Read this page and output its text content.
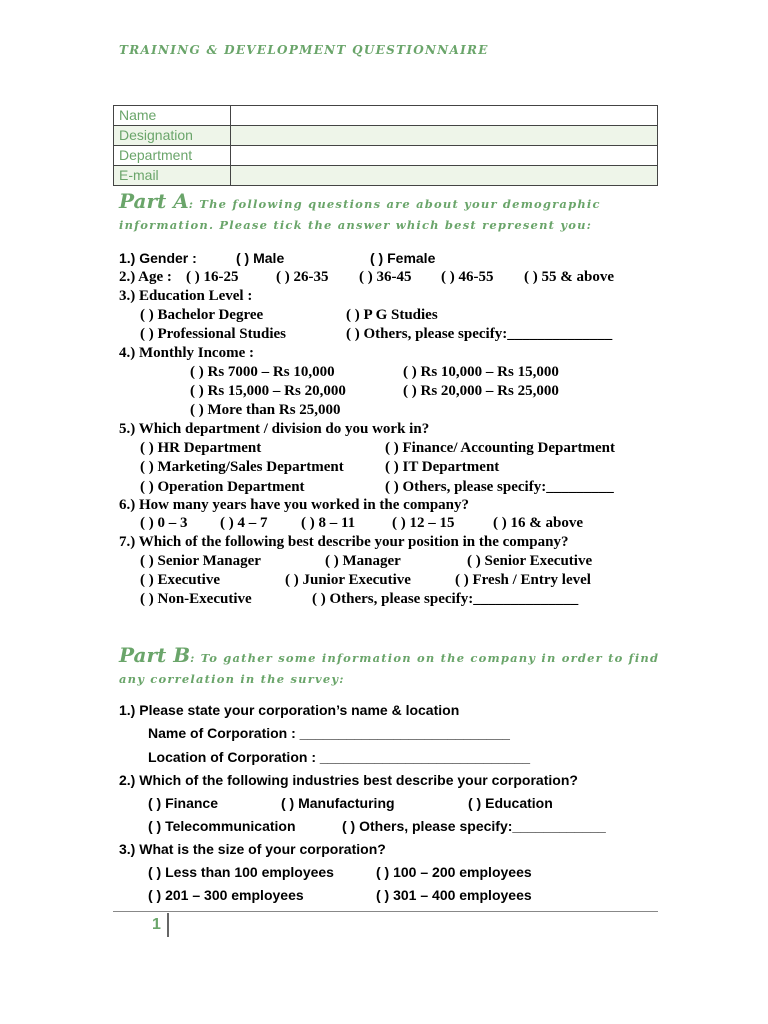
TRAINING & DEVELOPMENT QUESTIONNAIRE
Name	
Designation	
Department	
E-mail	
Part A: The following questions are about your demographic
information. Please tick the answer which best represent you:
1.) Gender :	( ) Male	( ) Female
2.) Age : ( ) 16-25	( ) 26-35 ( ) 36-45 ( ) 46-55 ( ) 55 & above
3.) Education Level :
( ) Bachelor Degree	( ) P G Studies
( ) Professional Studies	( ) Others, please specify:______________
4.) Monthly Income :
( ) Rs 7000 – Rs 10,000	( ) Rs 10,000 – Rs 15,000
( ) Rs 15,000 – Rs 20,000	( ) Rs 20,000 – Rs 25,000
( ) More than Rs 25,000
5.) Which department / division do you work in?
( ) HR Department	( ) Finance/ Accounting Department
( ) Marketing/Sales Department	( ) IT Department
( ) Operation Department	( ) Others, please specify:_________
6.) How many years have you worked in the company?
( ) 0 – 3 ( ) 4 – 7 ( ) 8 – 11 ( ) 12 – 15	( ) 16 & above
7.) Which of the following best describe your position in the company?
( ) Senior Manager	( ) Manager	( ) Senior Executive
( ) Executive	( ) Junior Executive	( ) Fresh / Entry level
( ) Non-Executive	( ) Others, please specify:______________
Part B: To gather some information on the company in order to find
any correlation in the survey:
1.) Please state your corporation’s name & location
Name of Corporation : ___________________________
Location of Corporation : ___________________________
2.) Which of the following industries best describe your corporation?
( ) Finance	( ) Manufacturing	( ) Education
( ) Telecommunication	( ) Others, please specify:____________
3.) What is the size of your corporation?
( ) Less than 100 employees	( ) 100 – 200 employees
( ) 201 – 300 employees	( ) 301 – 400 employees
1
